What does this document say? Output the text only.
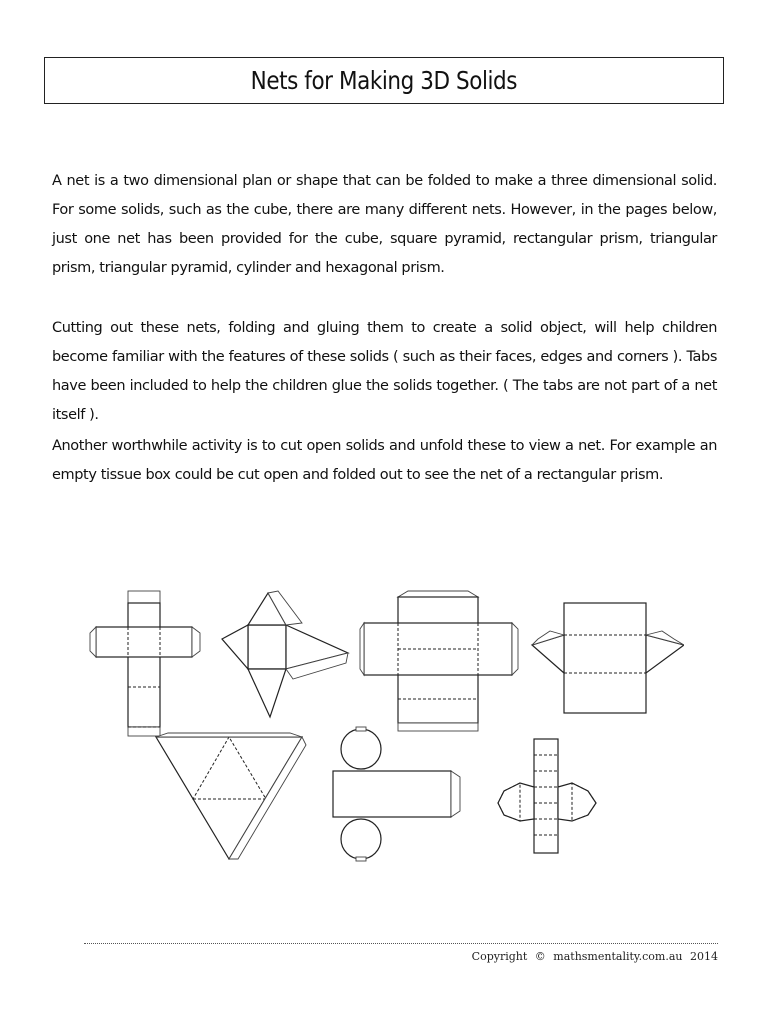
Nets for Making 3D Solids

A net is a two dimensional plan or shape that can be folded to make a three dimensional solid. For some solids, such as the cube, there are many different nets. However, in the pages below, just one net has been provided for the cube, square pyramid, rectangular prism, triangular prism, triangular pyramid, cylinder and hexagonal prism.

Cutting out these nets, folding and gluing them to create a solid object, will help children become familiar with the features of these solids ( such as their faces, edges and corners ). Tabs have been included to help the children glue the solids together. ( The tabs are not part of a net itself ).

Another worthwhile activity is to cut open solids and unfold these to view a net. For example an empty tissue box could be cut open and folded out to see the net of a rectangular prism.

Copyright © mathsmentality.com.au 2014
